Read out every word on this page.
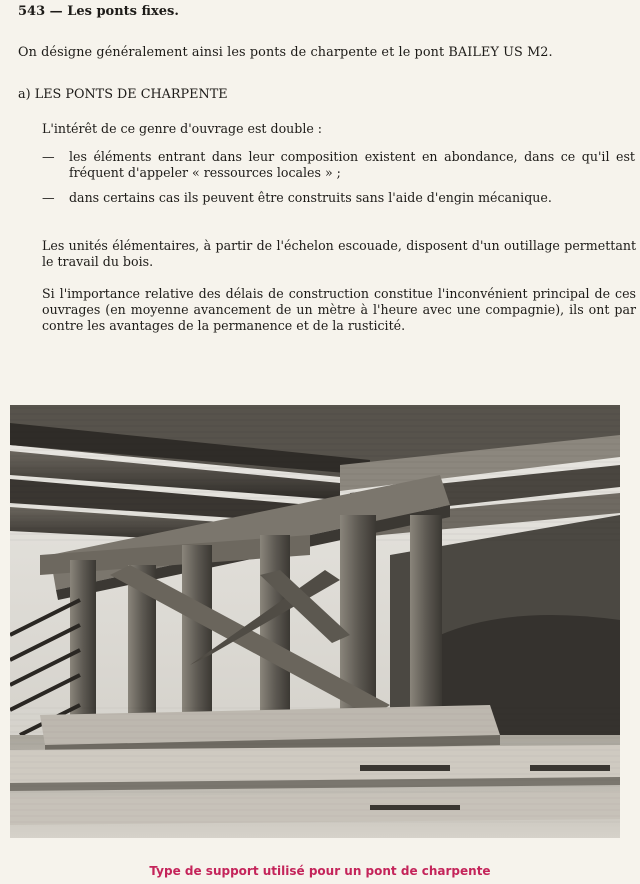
543 — Les ponts fixes.
On désigne généralement ainsi les ponts de charpente et le pont BAILEY US M2.
a) LES PONTS DE CHARPENTE
L'intérêt de ce genre d'ouvrage est double :
— les éléments entrant dans leur composition existent en abondance, dans ce qu'il est fréquent d'appeler « ressources locales » ;
— dans certains cas ils peuvent être construits sans l'aide d'engin mécanique.
Les unités élémentaires, à partir de l'échelon escouade, disposent d'un outillage permettant le travail du bois.
Si l'importance relative des délais de construction constitue l'inconvénient principal de ces ouvrages (en moyenne avancement de un mètre à l'heure avec une compagnie), ils ont par contre les avantages de la permanence et de la rusticité.
Type de support utilisé pour un pont de charpente
